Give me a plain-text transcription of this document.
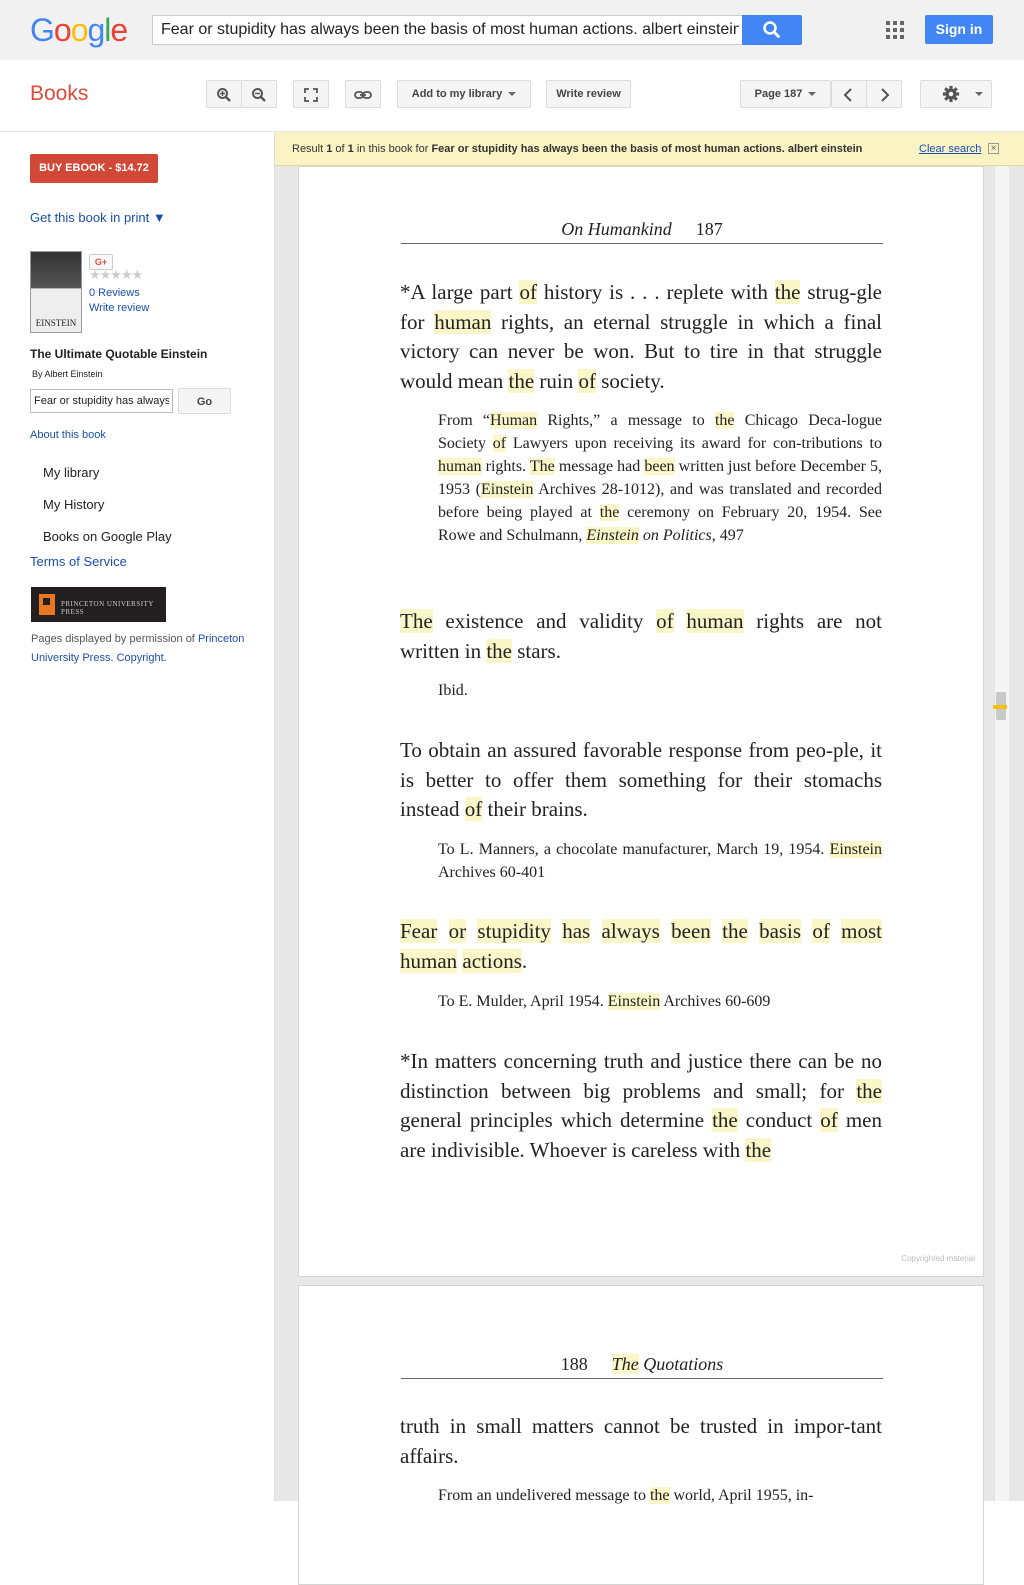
Google
Fear or stupidity has always been the basis of most human actions. albert einstein	Sign in
Books	Add to my library	Write review	Page 187
BUY EBOOK - $14.72
Get this book in print ▼
EINSTEIN
G+
★★★★★
0 Reviews
Write review
The Ultimate Quotable Einstein
By Albert Einstein
Fear or stupidity has always
Go
About this book
My library
My History
Books on Google Play
Terms of Service
PRINCETON UNIVERSITY PRESS
Pages displayed by permission of Princeton University Press. Copyright.
Result 1 of 1 in this book for Fear or stupidity has always been the basis of most human actions. albert einstein	Clear search ×
On Humankind 187
*A large part of history is . . . replete with the strug-gle for human rights, an eternal struggle in which a final victory can never be won. But to tire in that struggle would mean the ruin of society.
From “Human Rights,” a message to the Chicago Deca-logue Society of Lawyers upon receiving its award for con-tributions to human rights. The message had been written just before December 5, 1953 (Einstein Archives 28-1012), and was translated and recorded before being played at the ceremony on February 20, 1954. See Rowe and Schulmann, Einstein on Politics, 497
The existence and validity of human rights are not written in the stars.
Ibid.
To obtain an assured favorable response from peo-ple, it is better to offer them something for their stomachs instead of their brains.
To L. Manners, a chocolate manufacturer, March 19, 1954. Einstein Archives 60-401
Fear or stupidity has always been the basis of most human actions.
To E. Mulder, April 1954. Einstein Archives 60-609
*In matters concerning truth and justice there can be no distinction between big problems and small; for the general principles which determine the conduct of men are indivisible. Whoever is careless with the
Copyrighted material
188 The Quotations
truth in small matters cannot be trusted in impor-tant affairs.
From an undelivered message to the world, April 1955, in-
